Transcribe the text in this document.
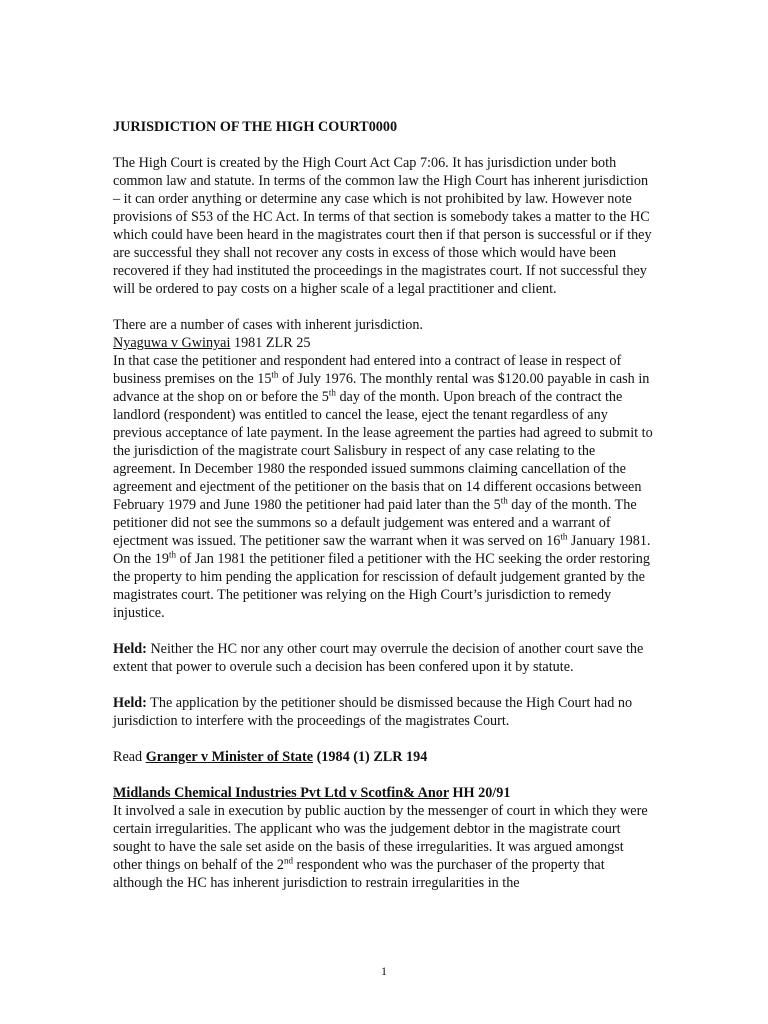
JURISDICTION OF THE HIGH COURT0000

The High Court is created by the High Court Act Cap 7:06. It has jurisdiction under both common law and statute. In terms of the common law the High Court has inherent jurisdiction – it can order anything or determine any case which is not prohibited by law. However note provisions of S53 of the HC Act. In terms of that section is somebody takes a matter to the HC which could have been heard in the magistrates court then if that person is successful or if they are successful they shall not recover any costs in excess of those which would have been recovered if they had instituted the proceedings in the magistrates court. If not successful they will be ordered to pay costs on a higher scale of a legal practitioner and client.

There are a number of cases with inherent jurisdiction.

Nyaguwa v Gwinyai 1981 ZLR 25

In that case the petitioner and respondent had entered into a contract of lease in respect of business premises on the 15th of July 1976. The monthly rental was $120.00 payable in cash in advance at the shop on or before the 5th day of the month. Upon breach of the contract the landlord (respondent) was entitled to cancel the lease, eject the tenant regardless of any previous acceptance of late payment. In the lease agreement the parties had agreed to submit to the jurisdiction of the magistrate court Salisbury in respect of any case relating to the agreement. In December 1980 the responded issued summons claiming cancellation of the agreement and ejectment of the petitioner on the basis that on 14 different occasions between February 1979 and June 1980 the petitioner had paid later than the 5th day of the month. The petitioner did not see the summons so a default judgement was entered and a warrant of ejectment was issued. The petitioner saw the warrant when it was served on 16th January 1981. On the 19th of Jan 1981 the petitioner filed a petitioner with the HC seeking the order restoring the property to him pending the application for rescission of default judgement granted by the magistrates court. The petitioner was relying on the High Court’s jurisdiction to remedy injustice.

Held: Neither the HC nor any other court may overrule the decision of another court save the extent that power to overule such a decision has been confered upon it by statute.

Held: The application by the petitioner should be dismissed because the High Court had no jurisdiction to interfere with the proceedings of the magistrates Court.

Read Granger v Minister of State (1984 (1) ZLR 194

Midlands Chemical Industries Pvt Ltd v Scotfin& Anor HH 20/91

It involved a sale in execution by public auction by the messenger of court in which they were certain irregularities. The applicant who was the judgement debtor in the magistrate court sought to have the sale set aside on the basis of these irregularities. It was argued amongst other things on behalf of the 2nd respondent who was the purchaser of the property that although the HC has inherent jurisdiction to restrain irregularities in the

1
